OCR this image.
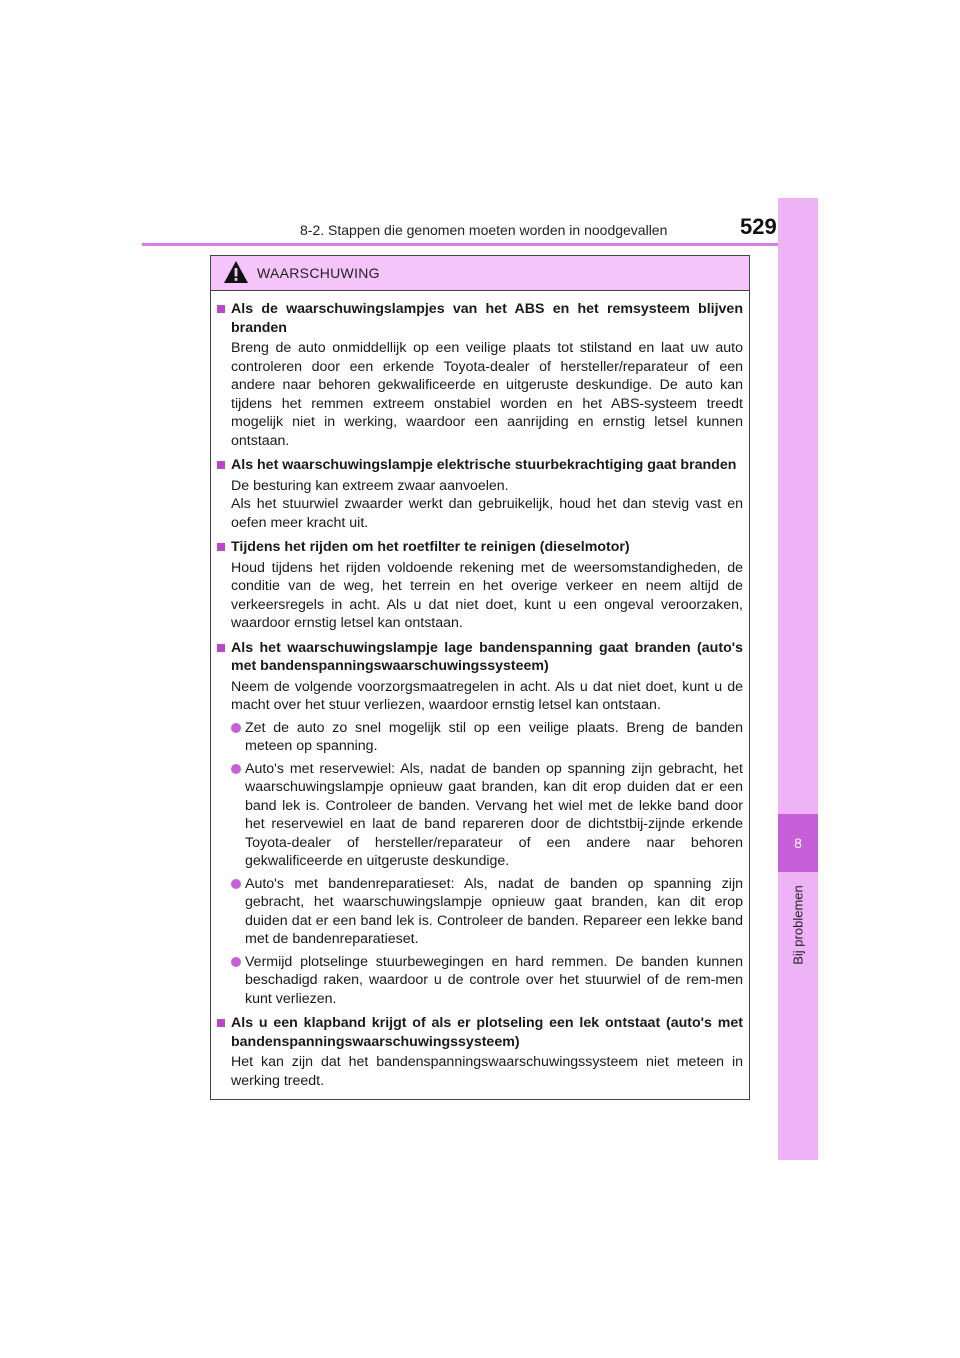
8-2. Stappen die genomen moeten worden in noodgevallen	529
8
Bij problemen
WAARSCHUWING
Als de waarschuwingslampjes van het ABS en het remsysteem blijven branden
Breng de auto onmiddellijk op een veilige plaats tot stilstand en laat uw auto controleren door een erkende Toyota-dealer of hersteller/reparateur of een andere naar behoren gekwalificeerde en uitgeruste deskundige. De auto kan tijdens het remmen extreem onstabiel worden en het ABS-systeem treedt mogelijk niet in werking, waardoor een aanrijding en ernstig letsel kunnen ontstaan.
Als het waarschuwingslampje elektrische stuurbekrachtiging gaat branden
De besturing kan extreem zwaar aanvoelen.
Als het stuurwiel zwaarder werkt dan gebruikelijk, houd het dan stevig vast en oefen meer kracht uit.
Tijdens het rijden om het roetfilter te reinigen (dieselmotor)
Houd tijdens het rijden voldoende rekening met de weersomstandigheden, de conditie van de weg, het terrein en het overige verkeer en neem altijd de verkeersregels in acht. Als u dat niet doet, kunt u een ongeval veroorzaken, waardoor ernstig letsel kan ontstaan.
Als het waarschuwingslampje lage bandenspanning gaat branden (auto's met bandenspanningswaarschuwingssysteem)
Neem de volgende voorzorgsmaatregelen in acht. Als u dat niet doet, kunt u de macht over het stuur verliezen, waardoor ernstig letsel kan ontstaan.
Zet de auto zo snel mogelijk stil op een veilige plaats. Breng de banden meteen op spanning.
Auto's met reservewiel: Als, nadat de banden op spanning zijn gebracht, het waarschuwingslampje opnieuw gaat branden, kan dit erop duiden dat er een band lek is. Controleer de banden. Vervang het wiel met de lekke band door het reservewiel en laat de band repareren door de dichtstbij-zijnde erkende Toyota-dealer of hersteller/reparateur of een andere naar behoren gekwalificeerde en uitgeruste deskundige.
Auto's met bandenreparatieset: Als, nadat de banden op spanning zijn gebracht, het waarschuwingslampje opnieuw gaat branden, kan dit erop duiden dat er een band lek is. Controleer de banden. Repareer een lekke band met de bandenreparatieset.
Vermijd plotselinge stuurbewegingen en hard remmen. De banden kunnen beschadigd raken, waardoor u de controle over het stuurwiel of de rem-men kunt verliezen.
Als u een klapband krijgt of als er plotseling een lek ontstaat (auto's met bandenspanningswaarschuwingssysteem)
Het kan zijn dat het bandenspanningswaarschuwingssysteem niet meteen in werking treedt.
